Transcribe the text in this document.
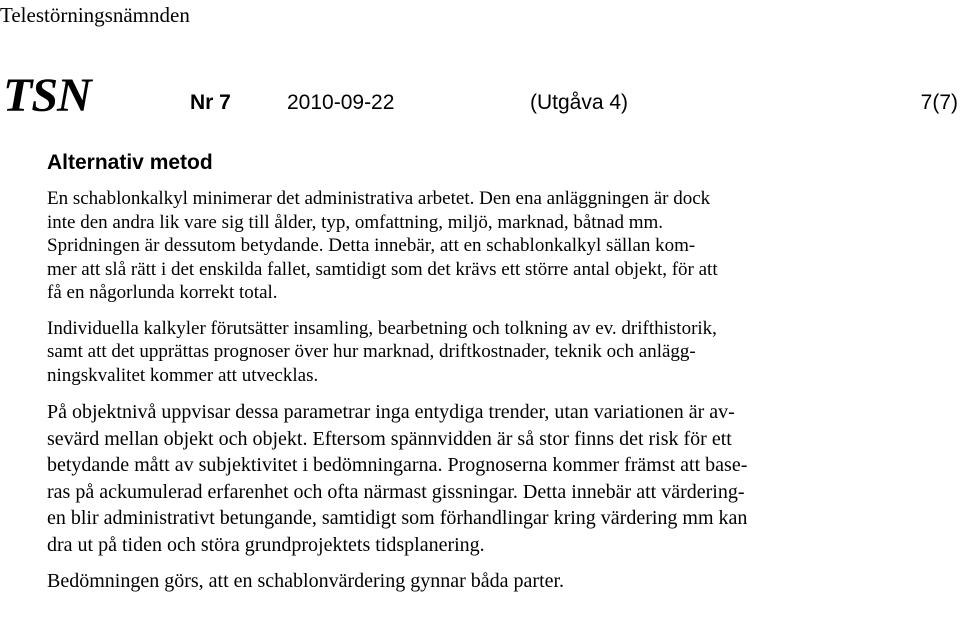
Telestörningsnämnden
TSN	Nr 7	2010-09-22	(Utgåva 4)	7(7)
Alternativ metod

En schablonkalkyl minimerar det administrativa arbetet. Den ena anläggningen är dock
inte den andra lik vare sig till ålder, typ, omfattning, miljö, marknad, båtnad mm.
Spridningen är dessutom betydande. Detta innebär, att en schablonkalkyl sällan kom-
mer att slå rätt i det enskilda fallet, samtidigt som det krävs ett större antal objekt, för att
få en någorlunda korrekt total.

Individuella kalkyler förutsätter insamling, bearbetning och tolkning av ev. drifthistorik,
samt att det upprättas prognoser över hur marknad, driftkostnader, teknik och anlägg-
ningskvalitet kommer att utvecklas.

På objektnivå uppvisar dessa parametrar inga entydiga trender, utan variationen är av-
sevärd mellan objekt och objekt. Eftersom spännvidden är så stor finns det risk för ett
betydande mått av subjektivitet i bedömningarna. Prognoserna kommer främst att base-
ras på ackumulerad erfarenhet och ofta närmast gissningar. Detta innebär att värdering-
en blir administrativt betungande, samtidigt som förhandlingar kring värdering mm kan
dra ut på tiden och störa grundprojektets tidsplanering.

Bedömningen görs, att en schablonvärdering gynnar båda parter.
